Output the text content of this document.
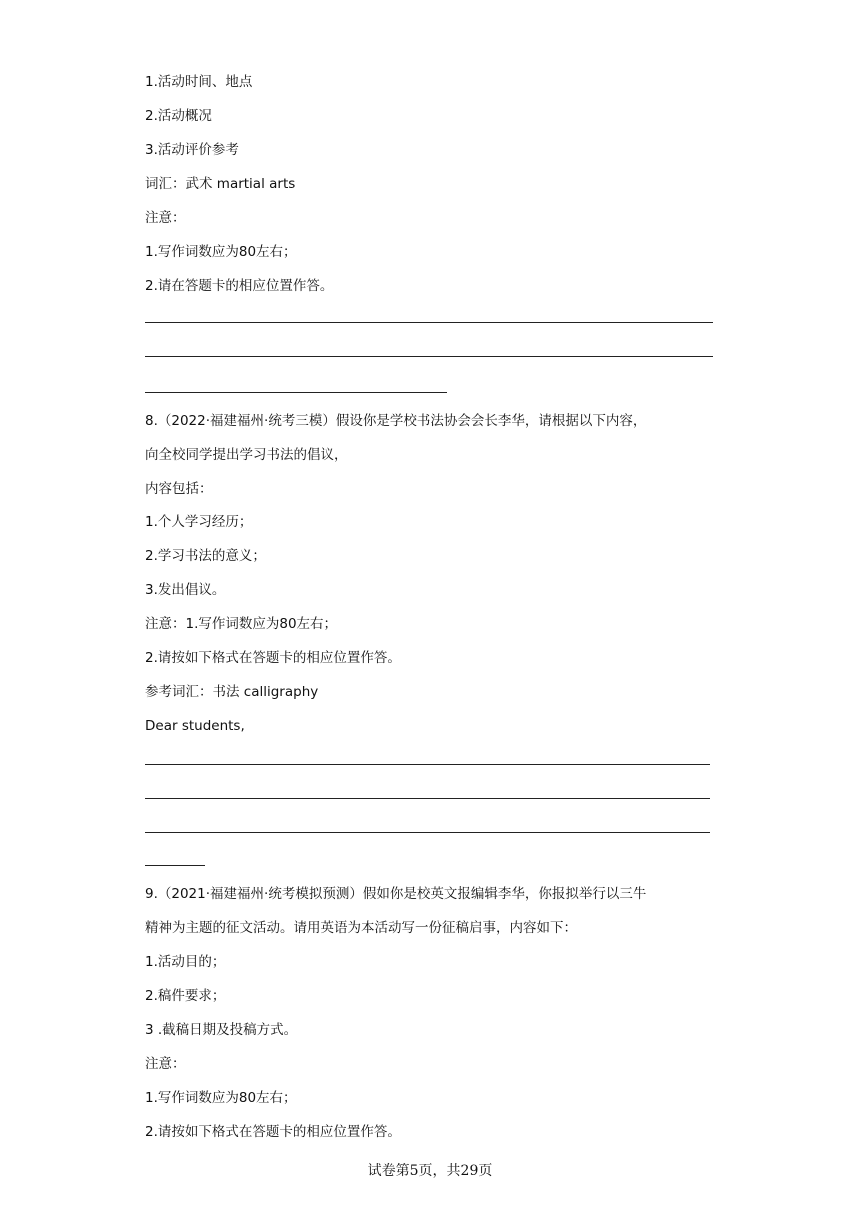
1.活动时间、地点
2.活动概况
3.活动评价参考
词汇：武术 martial arts
注意：
1.写作词数应为80左右；
2.请在答题卡的相应位置作答。
8.（2022·福建福州·统考三模）假设你是学校书法协会会长李华，请根据以下内容，
向全校同学提出学习书法的倡议，
内容包括：
1.个人学习经历；
2.学习书法的意义；
3.发出倡议。
注意：1.写作词数应为80左右；
2.请按如下格式在答题卡的相应位置作答。
参考词汇：书法 calligraphy
Dear students,
9.（2021·福建福州·统考模拟预测）假如你是校英文报编辑李华，你报拟举行以三牛
精神为主题的征文活动。请用英语为本活动写一份征稿启事，内容如下：
1.活动目的；
2.稿件要求；
3 .截稿日期及投稿方式。
注意：
1.写作词数应为80左右；
2.请按如下格式在答题卡的相应位置作答。
试卷第5页，共29页
